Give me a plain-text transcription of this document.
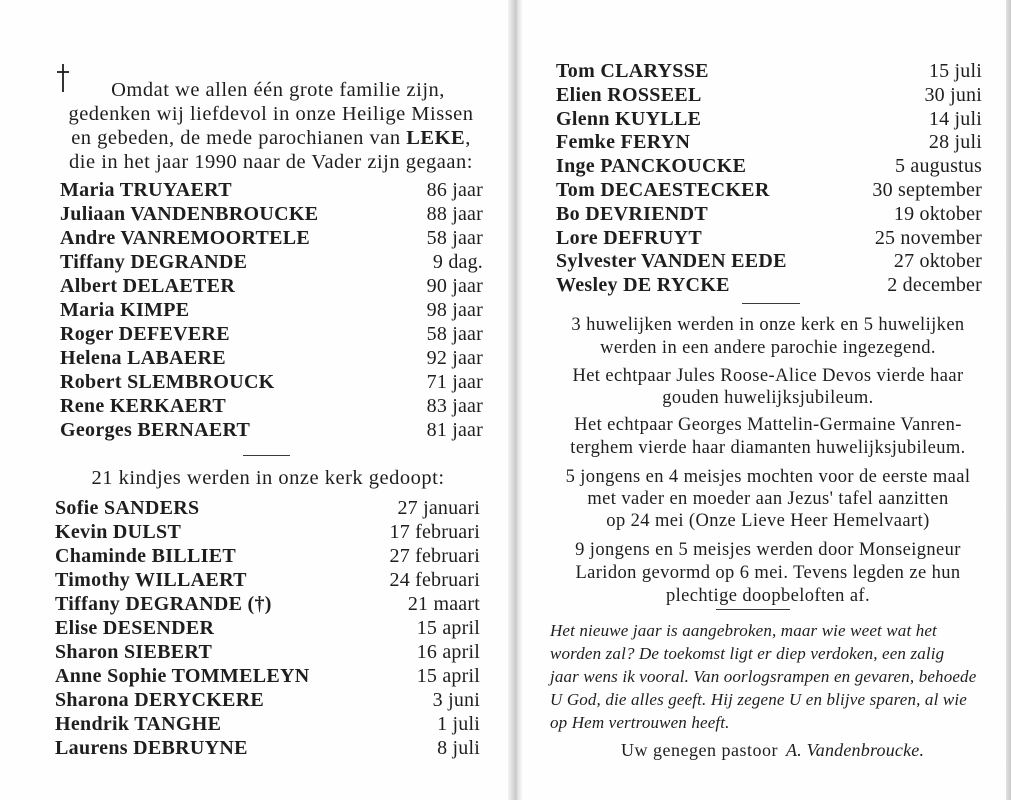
Omdat we allen één grote familie zijn,
gedenken wij liefdevol in onze Heilige Missen
en gebeden, de mede parochianen van LEKE,
die in het jaar 1990 naar de Vader zijn gegaan:
Maria TRUYAERT	86 jaar
Juliaan VANDENBROUCKE	88 jaar
Andre VANREMOORTELE	58 jaar
Tiffany DEGRANDE	9 dag.
Albert DELAETER	90 jaar
Maria KIMPE	98 jaar
Roger DEFEVERE	58 jaar
Helena LABAERE	92 jaar
Robert SLEMBROUCK	71 jaar
Rene KERKAERT	83 jaar
Georges BERNAERT	81 jaar
21 kindjes werden in onze kerk gedoopt:
Sofie SANDERS	27 januari
Kevin DULST	17 februari
Chaminde BILLIET	27 februari
Timothy WILLAERT	24 februari
Tiffany DEGRANDE (†)	21 maart
Elise DESENDER	15 april
Sharon SIEBERT	16 april
Anne Sophie TOMMELEYN	15 april
Sharona DERYCKERE	3 juni
Hendrik TANGHE	1 juli
Laurens DEBRUYNE	8 juli
Tom CLARYSSE	15 juli
Elien ROSSEEL	30 juni
Glenn KUYLLE	14 juli
Femke FERYN	28 juli
Inge PANCKOUCKE	5 augustus
Tom DECAESTECKER	30 september
Bo DEVRIENDT	19 oktober
Lore DEFRUYT	25 november
Sylvester VANDEN EEDE	27 oktober
Wesley DE RYCKE	2 december
3 huwelijken werden in onze kerk en 5 huwelijken
werden in een andere parochie ingezegend.
Het echtpaar Jules Roose-Alice Devos vierde haar
gouden huwelijksjubileum.
Het echtpaar Georges Mattelin-Germaine Vanren-
terghem vierde haar diamanten huwelijksjubileum.
5 jongens en 4 meisjes mochten voor de eerste maal
met vader en moeder aan Jezus' tafel aanzitten
op 24 mei (Onze Lieve Heer Hemelvaart)
9 jongens en 5 meisjes werden door Monseigneur
Laridon gevormd op 6 mei. Tevens legden ze hun
plechtige doopbeloften af.
Het nieuwe jaar is aangebroken, maar wie weet wat het
worden zal? De toekomst ligt er diep verdoken, een zalig
jaar wens ik vooral. Van oorlogsrampen en gevaren, behoede
U God, die alles geeft. Hij zegene U en blijve sparen, al wie
op Hem vertrouwen heeft.
Uw genegen pastoor A. Vandenbroucke.
